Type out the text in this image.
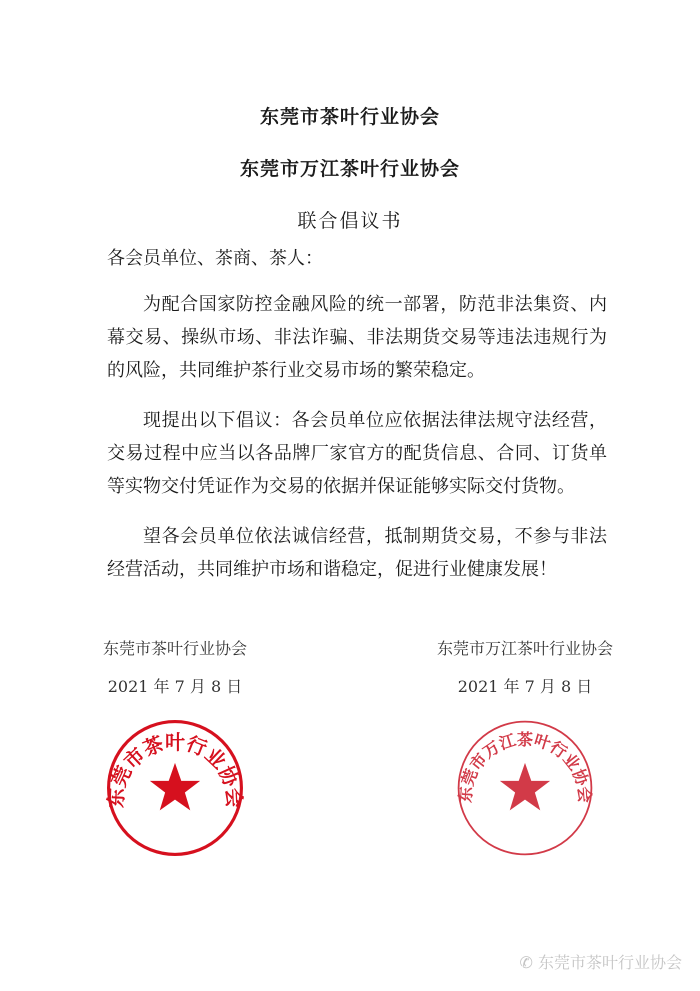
东莞市茶叶行业协会
东莞市万江茶叶行业协会
联合倡议书
各会员单位、茶商、茶人：
为配合国家防控金融风险的统一部署，防范非法集资、内
幕交易、操纵市场、非法诈骗、非法期货交易等违法违规行为
的风险，共同维护茶行业交易市场的繁荣稳定。
现提出以下倡议：各会员单位应依据法律法规守法经营，
交易过程中应当以各品牌厂家官方的配货信息、合同、订货单
等实物交付凭证作为交易的依据并保证能够实际交付货物。
望各会员单位依法诚信经营，抵制期货交易，不参与非法
经营活动，共同维护市场和谐稳定，促进行业健康发展！
东莞市茶叶行业协会
2021 年 7 月 8 日
东莞市茶叶行业协会
东莞市万江茶叶行业协会
2021 年 7 月 8 日
东莞市万江茶叶行业协会
✆ 东莞市茶叶行业协会
